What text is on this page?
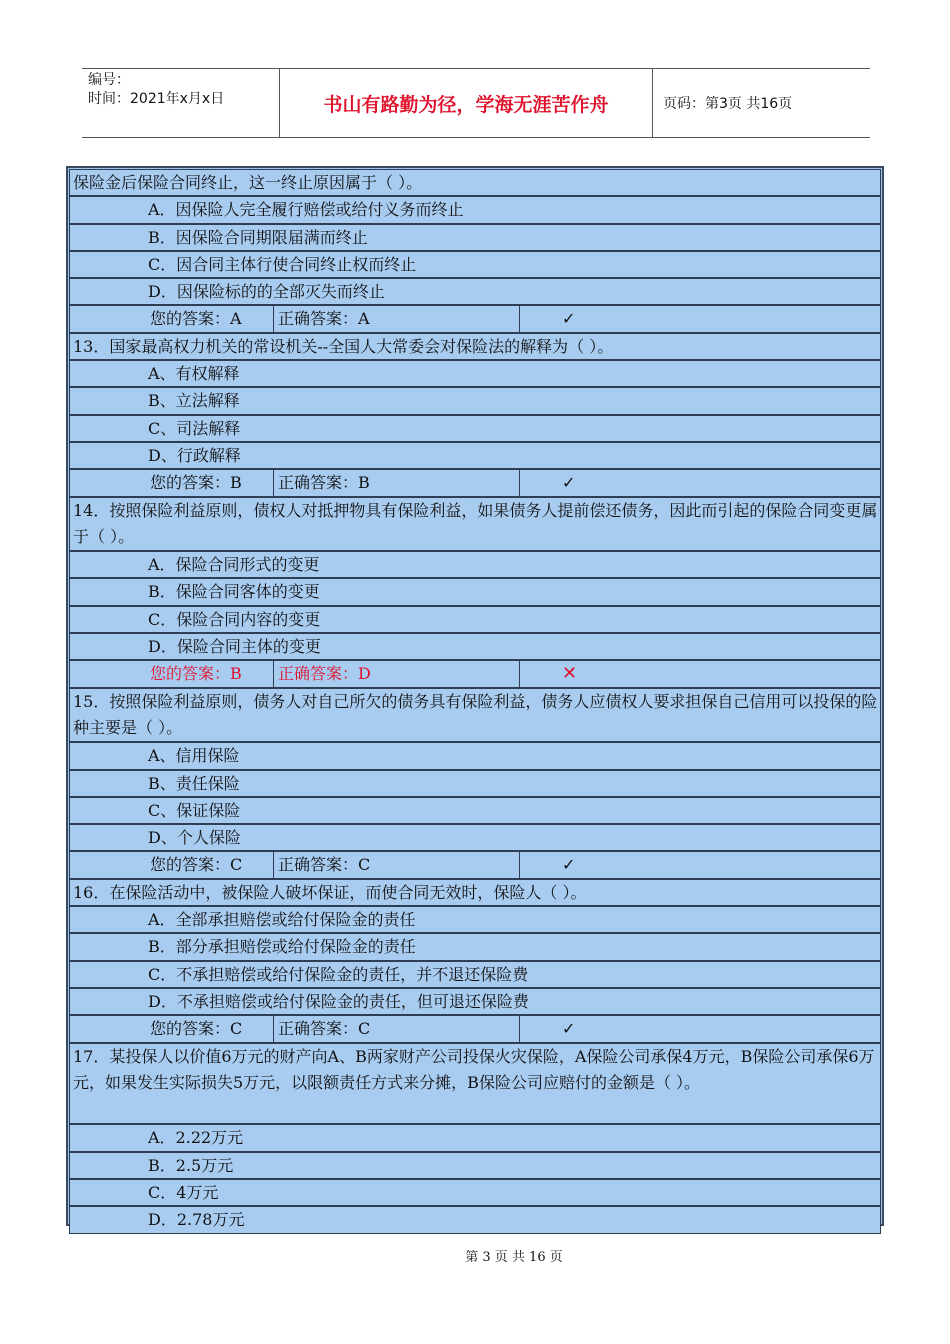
编号：
时间：2021年x月x日	书山有路勤为径，学海无涯苦作舟	页码：第3页 共16页
保险金后保险合同终止，这一终止原因属于（ ）。
A．因保险人完全履行赔偿或给付义务而终止
B．因保险合同期限届满而终止
C．因合同主体行使合同终止权而终止
D．因保险标的的全部灭失而终止
您的答案：A	正确答案：A	✓
13．国家最高权力机关的常设机关--全国人大常委会对保险法的解释为（ ）。
A、有权解释
B、立法解释
C、司法解释
D、行政解释
您的答案：B	正确答案：B	✓
14．按照保险利益原则，债权人对抵押物具有保险利益，如果债务人提前偿还债务，因此而引起的保险合同变更属于（ ）。
A．保险合同形式的变更
B．保险合同客体的变更
C．保险合同内容的变更
D．保险合同主体的变更
您的答案：B	正确答案：D	✕
15．按照保险利益原则，债务人对自己所欠的债务具有保险利益，债务人应债权人要求担保自己信用可以投保的险种主要是（ ）。
A、信用保险
B、责任保险
C、保证保险
D、个人保险
您的答案：C	正确答案：C	✓
16．在保险活动中，被保险人破坏保证，而使合同无效时，保险人（ ）。
A．全部承担赔偿或给付保险金的责任
B．部分承担赔偿或给付保险金的责任
C．不承担赔偿或给付保险金的责任，并不退还保险费
D．不承担赔偿或给付保险金的责任，但可退还保险费
您的答案：C	正确答案：C	✓
17．某投保人以价值6万元的财产向A、B两家财产公司投保火灾保险，A保险公司承保4万元，B保险公司承保6万元，如果发生实际损失5万元，以限额责任方式来分摊，B保险公司应赔付的金额是（ ）。
A．2.22万元
B．2.5万元
C．4万元
D．2.78万元
第 3 页 共 16 页
